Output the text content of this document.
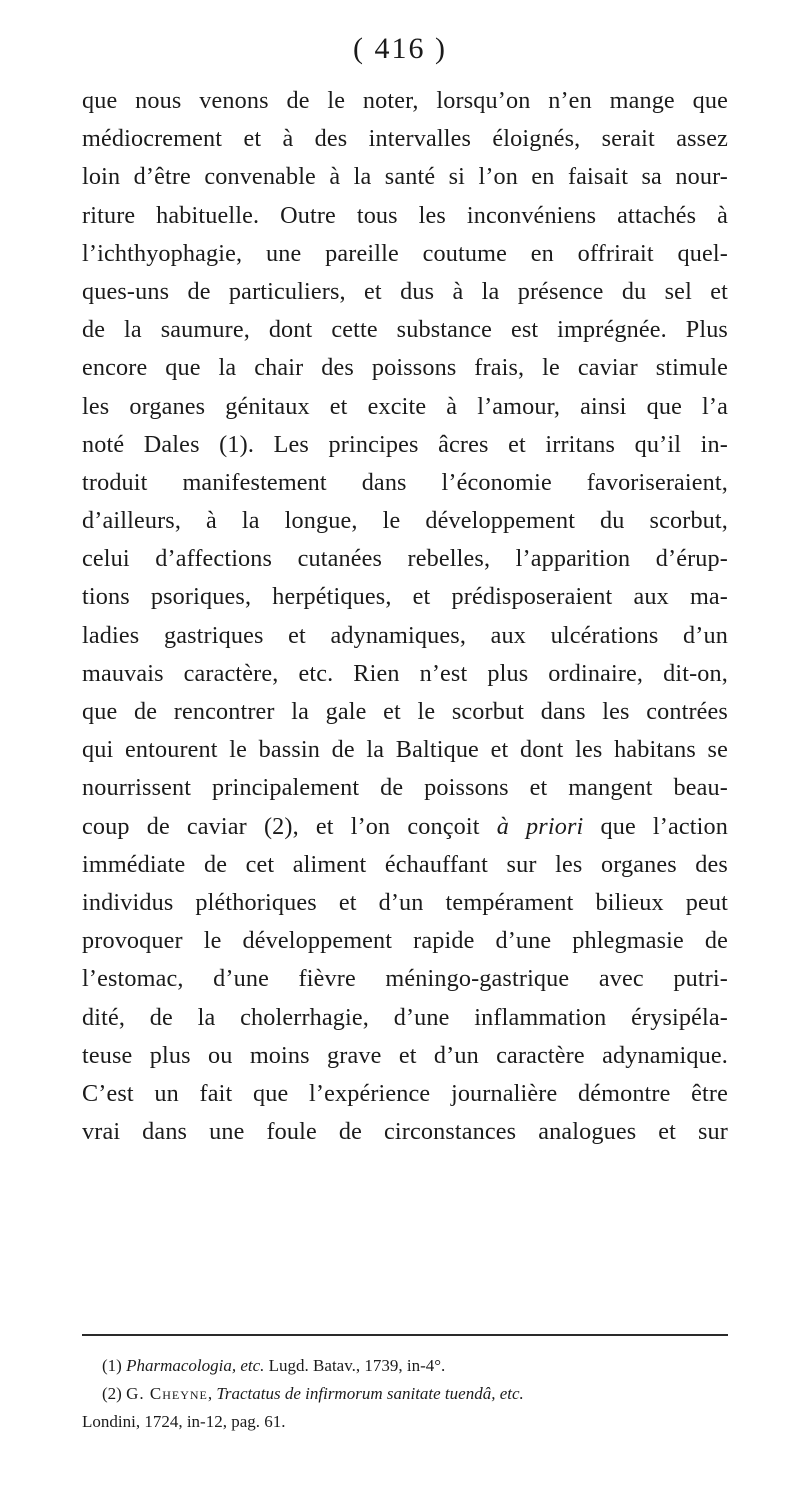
( 416 )
que nous venons de le noter, lorsqu’on n’en mange que
médiocrement et à des intervalles éloignés, serait assez
loin d’être convenable à la santé si l’on en faisait sa nour-
riture habituelle. Outre tous les inconvéniens attachés à
l’ichthyophagie, une pareille coutume en offrirait quel-
ques-uns de particuliers, et dus à la présence du sel et
de la saumure, dont cette substance est imprégnée. Plus
encore que la chair des poissons frais, le caviar stimule
les organes génitaux et excite à l’amour, ainsi que l’a
noté Dales (1). Les principes âcres et irritans qu’il in-
troduit manifestement dans l’économie favoriseraient,
d’ailleurs, à la longue, le développement du scorbut,
celui d’affections cutanées rebelles, l’apparition d’érup-
tions psoriques, herpétiques, et prédisposeraient aux ma-
ladies gastriques et adynamiques, aux ulcérations d’un
mauvais caractère, etc. Rien n’est plus ordinaire, dit-on,
que de rencontrer la gale et le scorbut dans les contrées
qui entourent le bassin de la Baltique et dont les habitans se
nourrissent principalement de poissons et mangent beau-
coup de caviar (2), et l’on conçoit à priori que l’action
immédiate de cet aliment échauffant sur les organes des
individus pléthoriques et d’un tempérament bilieux peut
provoquer le développement rapide d’une phlegmasie de
l’estomac, d’une fièvre méningo-gastrique avec putri-
dité, de la cholerrhagie, d’une inflammation érysipéla-
teuse plus ou moins grave et d’un caractère adynamique.
C’est un fait que l’expérience journalière démontre être
vrai dans une foule de circonstances analogues et sur
(1) Pharmacologia, etc. Lugd. Batav., 1739, in-4°.
(2) G. Cheyne, Tractatus de infirmorum sanitate tuendâ, etc.
Londini, 1724, in-12, pag. 61.
